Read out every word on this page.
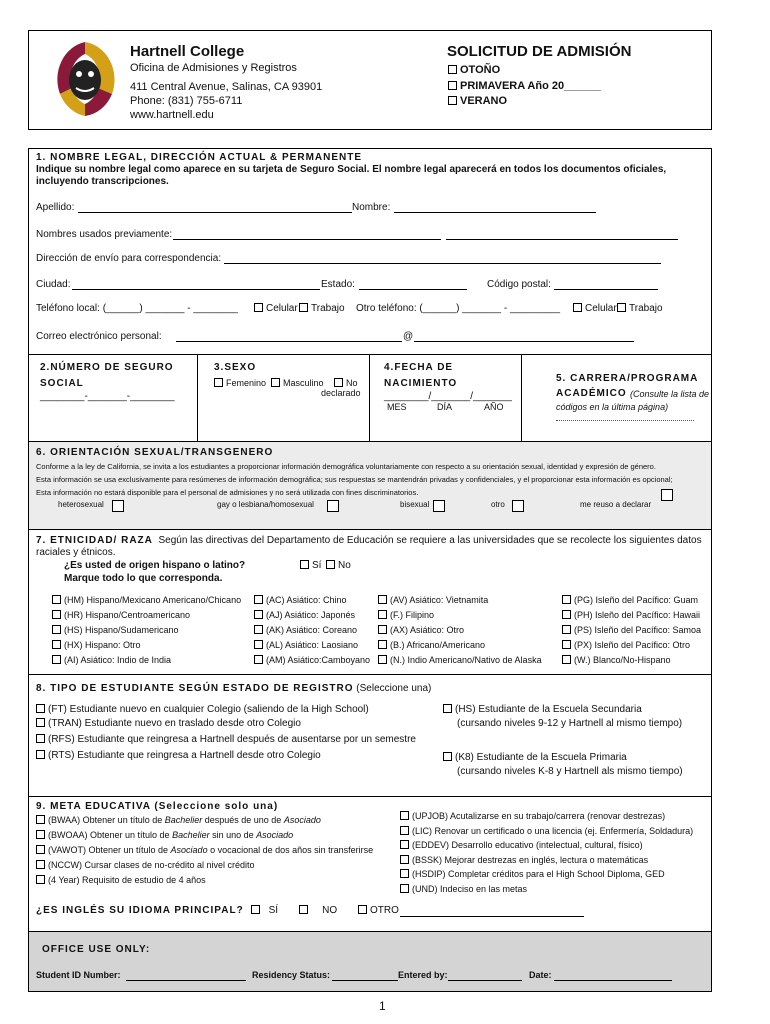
Hartnell College
Oficina de Admisiones y Registros
411 Central Avenue, Salinas, CA 93901
Phone: (831) 755-6711
www.hartnell.edu
SOLICITUD DE ADMISIÓN
OTOÑO
PRIMAVERA Año 20______
VERANO
1. NOMBRE LEGAL, DIRECCIÓN ACTUAL & PERMANENTE
Indique su nombre legal como aparece en su tarjeta de Seguro Social. El nombre legal aparecerá en todos los documentos oficiales,
incluyendo transcripciones.
Apellido:	Nombre:
Nombres usados previamente:
Dirección de envío para correspondencia:
Ciudad:	Estado:	Código postal:
Teléfono local: (______) _______ - ________	Celular	Trabajo Otro teléfono: (______) _______ - _________	Celular	Trabajo
Correo electrónico personal:	@
2.NÚMERO DE SEGURO
SOCIAL
________-_______-________
3.SEXO
Femenino	Masculino	No
declarado
4.FECHA DE
NACIMIENTO
________/_______/_______
MES	DÍA	AÑO
5. CARRERA/PROGRAMA
ACADÉMICO (Consulte la lista de
códigos en la última página)
6. ORIENTACIÓN SEXUAL/TRANSGENERO
Conforme a la ley de California, se invita a los estudiantes a proporcionar información demográfica voluntariamente con respecto a su orientación sexual, identidad y expresión de género.
Esta información se usa exclusivamente para resúmenes de información demográfica; sus respuestas se mantendrán privadas y confidenciales, y el proporcionar esta información es opcional;
Esta información no estará disponible para el personal de admisiones y no será utilizada con fines discriminatorios.
heterosexual	gay o lesbiana/homosexual	bisexual	otro	me reuso a declarar
7. ETNICIDAD/ RAZA Según las directivas del Departamento de Educación se requiere a las universidades que se recolecte los siguientes datos
raciales y étnicos.
¿Es usted de origen hispano o latino?	Sí	No
Marque todo lo que corresponda.
(HM) Hispano/Mexicano Americano/Chicano
(HR) Hispano/Centroamericano
(HS) Hispano/Sudamericano
(HX) Hispano: Otro
(AI) Asiático: Indio de India
(AC) Asiático: Chino
(AJ) Asiático: Japonés
(AK) Asiático: Coreano
(AL) Asiático: Laosiano
(AM) Asiático:Camboyano
(AV) Asiático: Vietnamita
(F.) Filipino
(AX) Asiático: Otro
(B.) Africano/Americano
(N.) Indio Americano/Nativo de Alaska
(PG) Isleño del Pacífico: Guam
(PH) Isleño del Pacífico: Hawaii
(PS) Isleño del Pacífico: Samoa
(PX) Isleño del Pacífico: Otro
(W.) Blanco/No-Hispano
8. TIPO DE ESTUDIANTE SEGÚN ESTADO DE REGISTRO (Seleccione una)
(FT) Estudiante nuevo en cualquier Colegio (saliendo de la High School)
(TRAN) Estudiante nuevo en traslado desde otro Colegio
(RFS) Estudiante que reingresa a Hartnell después de ausentarse por un semestre
(RTS) Estudiante que reingresa a Hartnell desde otro Colegio
(HS) Estudiante de la Escuela Secundaria
(cursando niveles 9-12 y Hartnell al mismo tiempo)
(K8) Estudiante de la Escuela Primaria
(cursando niveles K-8 y Hartnell als mismo tiempo)
9. META EDUCATIVA (Seleccione solo una)
(BWAA) Obtener un título de Bachelier después de uno de Asociado
(BWOAA) Obtener un título de Bachelier sin uno de Asociado
(VAWOT) Obtener un título de Asociado o vocacional de dos años sin transferirse
(NCCW) Cursar clases de no-crédito al nivel crédito
(4 Year) Requisito de estudio de 4 años
(UPJOB) Acutalizarse en su trabajo/carrera (renovar destrezas)
(LIC) Renovar un certificado o una licencia (ej. Enfermería, Soldadura)
(EDDEV) Desarrollo educativo (intelectual, cultural, físico)
(BSSK) Mejorar destrezas en inglés, lectura o matemáticas
(HSDIP) Completar créditos para el High School Diploma, GED
(UND) Indeciso en las metas
¿ES INGLÉS SU IDIOMA PRINCIPAL?	SÍ	NO	OTRO
OFFICE USE ONLY:
Student ID Number:	Residency Status:	Entered by:	Date:
1
